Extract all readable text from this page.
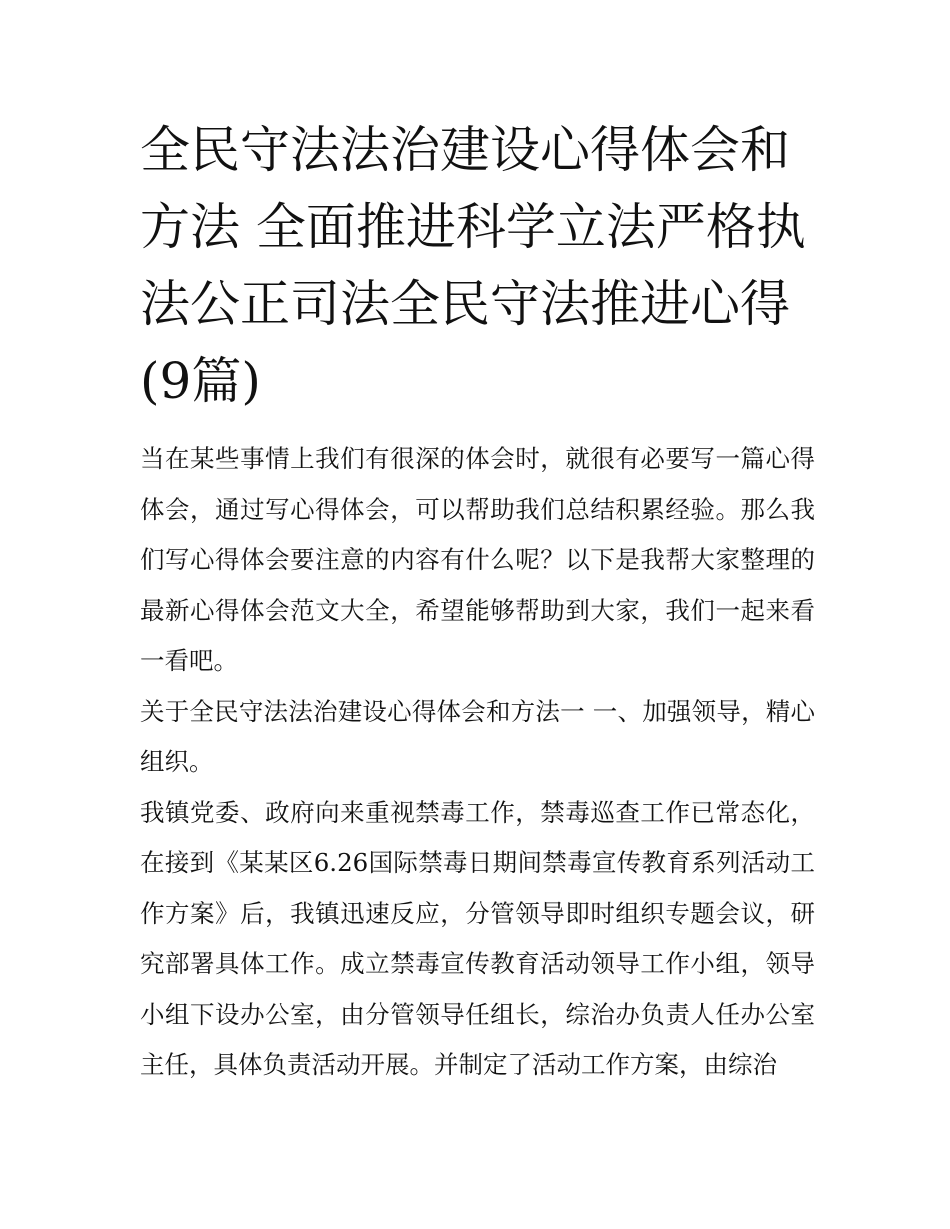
全民守法法治建设心得体会和方法 全面推进科学立法严格执法公正司法全民守法推进心得(9篇)

当在某些事情上我们有很深的体会时，就很有必要写一篇心得体会，通过写心得体会，可以帮助我们总结积累经验。那么我们写心得体会要注意的内容有什么呢？以下是我帮大家整理的最新心得体会范文大全，希望能够帮助到大家，我们一起来看一看吧。

关于全民守法法治建设心得体会和方法一 一、加强领导，精心组织。

我镇党委、政府向来重视禁毒工作，禁毒巡查工作已常态化，在接到《某某区6.26国际禁毒日期间禁毒宣传教育系列活动工作方案》后，我镇迅速反应，分管领导即时组织专题会议，研究部署具体工作。成立禁毒宣传教育活动领导工作小组，领导小组下设办公室，由分管领导任组长，综治办负责人任办公室主任，具体负责活动开展。并制定了活动工作方案，由综治
